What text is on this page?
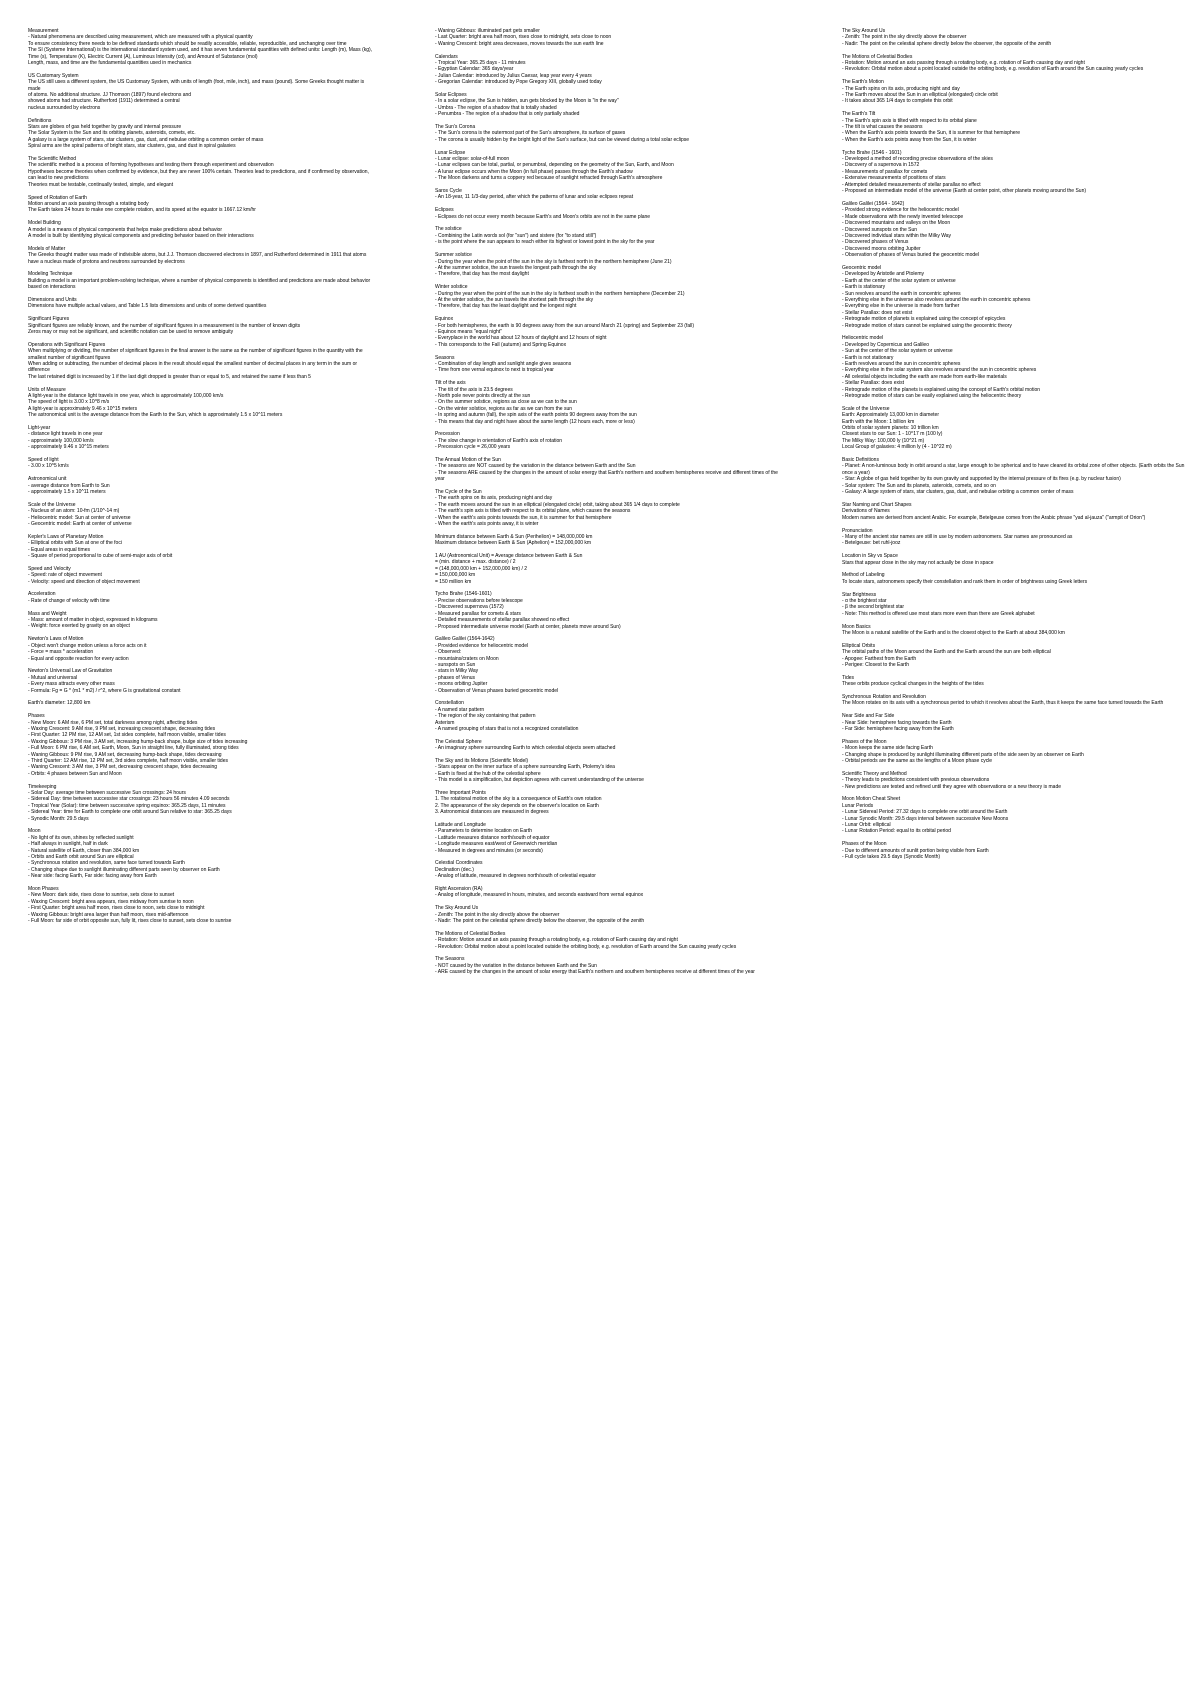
Measurement
- Natural phenomena are described using measurement, which are measured with a physical quantity
To ensure consistency there needs to be defined standards which should be readily accessible, reliable, reproducible, and unchanging over time
The SI (Systeme International) is the international standard system used, and it has seven fundamental quantities with defined units: Length (m), Mass (kg), Time (s), Temperature (K), Electric Current (A), Luminous Intensity (cd), and Amount of Substance (mol)
Length, mass, and time are the fundamental quantities used in mechanics
US Customary System
The US still uses a different system, the US Customary System, with units of length (foot, mile, inch), and mass (pound). Some Greeks thought matter is made
of atoms. No additional structure. JJ Thomson (1897) found electrons and
showed atoms had structure. Rutherford (1911) determined a central
nucleus surrounded by electrons
Definitions
Stars are globes of gas held together by gravity and internal pressure
The Solar System is the Sun and its orbiting planets, asteroids, comets, etc.
A galaxy is a large system of stars, star clusters, gas, dust, and nebulae orbiting a common center of mass
Spiral arms are the spiral patterns of bright stars, star clusters, gas, and dust in spiral galaxies
The Scientific Method
The scientific method is a process of forming hypotheses and testing them through experiment and observation
Hypotheses become theories when confirmed by evidence, but they are never 100% certain. Theories lead to predictions, and if confirmed by observation, can lead to new predictions
Theories must be testable, continually tested, simple, and elegant
Speed of Rotation of Earth
Motion around an axis passing through a rotating body
The Earth takes 24 hours to make one complete rotation, and its speed at the equator is 1667.12 km/hr
Model Building
A model is a means of physical components that helps make predictions about behavior
A model is built by identifying physical components and predicting behavior based on their interactions
Models of Matter
The Greeks thought matter was made of indivisible atoms, but J.J. Thomson discovered electrons in 1897, and Rutherford determined in 1911 that atoms have a nucleus made of protons and neutrons surrounded by electrons
Modeling Technique
Building a model is an important problem-solving technique, where a number of physical components is identified and predictions are made about behavior based on interactions
Dimensions and Units
Dimensions have multiple actual values, and Table 1.5 lists dimensions and units of some derived quantities
Significant Figures
Significant figures are reliably known, and the number of significant figures in a measurement is the number of known digits
Zeros may or may not be significant, and scientific notation can be used to remove ambiguity
Operations with Significant Figures
When multiplying or dividing, the number of significant figures in the final answer is the same as the number of significant figures in the quantity with the smallest number of significant figures
When adding or subtracting, the number of decimal places in the result should equal the smallest number of decimal places in any term in the sum or difference
The last retained digit is increased by 1 if the last digit dropped is greater than or equal to 5, and retained the same if less than 5
Units of Measure
A light-year is the distance light travels in one year, which is approximately 100,000 km/s
The speed of light is 3.00 x 10^8 m/s
A light-year is approximately 9.46 x 10^15 meters
The astronomical unit is the average distance from the Earth to the Sun, which is approximately 1.5 x 10^11 meters
Light-year
- distance light travels in one year
- approximately 100,000 km/s
- approximately 9.46 x 10^15 meters
Speed of light
- 3.00 x 10^5 km/s
Astronomical unit
- average distance from Earth to Sun
- approximately 1.5 x 10^11 meters
Scale of the Universe
- Nucleus of an atom: 10-fm (1/10^-14 m)
- Heliocentric model: Sun at center of universe
- Geocentric model: Earth at center of universe
Kepler's Laws of Planetary Motion
- Elliptical orbits with Sun at one of the foci
- Equal areas in equal times
- Square of period proportional to cube of semi-major axis of orbit
Speed and Velocity
- Speed: rate of object movement
- Velocity: speed and direction of object movement
Acceleration
- Rate of change of velocity with time
Mass and Weight
- Mass: amount of matter in object, expressed in kilograms
- Weight: force exerted by gravity on an object
Newton's Laws of Motion
- Object won't change motion unless a force acts on it
- Force = mass * acceleration
- Equal and opposite reaction for every action
Newton's Universal Law of Gravitation
- Mutual and universal
- Every mass attracts every other mass
- Formula: Fg = G * (m1 * m2) / r^2, where G is gravitational constant
Earth's diameter: 12,800 km
Phases
- New Moon: 6 AM rise, 6 PM set, total darkness among night, affecting tides
- Waxing Crescent: 9 AM rise, 9 PM set, increasing crescent shape, decreasing tides
- First Quarter: 12 PM rise, 12 AM set, 1st sides complete, half moon visible, smaller tides
- Waxing Gibbous: 3 PM rise, 3 AM set, increasing hump-back shape, bulge size of tides increasing
- Full Moon: 6 PM rise, 6 AM set, Earth, Moon, Sun in straight line, fully illuminated, strong tides
- Waning Gibbous: 9 PM rise, 9 AM set, decreasing hump-back shape, tides decreasing
- Third Quarter: 12 AM rise, 12 PM set, 3rd sides complete, half moon visible, smaller tides
- Waning Crescent: 3 AM rise, 3 PM set, decreasing crescent shape, tides decreasing
- Orbits: 4 phases between Sun and Moon
Timekeeping
- Solar Day: average time between successive Sun crossings: 24 hours
- Sidereal Day: time between successive star crossings: 23 hours 56 minutes 4.09 seconds
- Tropical Year (Solar): time between successive spring equinox: 365.25 days, 11 minutes
- Sidereal Year: time for Earth to complete one orbit around Sun relative to star: 365.25 days
- Synodic Month: 29.5 days
Moon
- No light of its own, shines by reflected sunlight
- Half always in sunlight, half in dark
- Natural satellite of Earth, closer than 384,000 km
- Orbits and Earth orbit around Sun are elliptical
- Synchronous rotation and revolution, same face turned towards Earth
- Changing shape due to sunlight illuminating different parts seen by observer on Earth
- Near side: facing Earth, Far side: facing away from Earth
Moon Phases
- New Moon: dark side, rises close to sunrise, sets close to sunset
- Waxing Crescent: bright area appears, rises midway from sunrise to noon
- First Quarter: bright area half moon, rises close to noon, sets close to midnight
- Waxing Gibbous: bright area larger than half moon, rises mid-afternoon
- Full Moon: far side of orbit opposite sun, fully lit, rises close to sunset, sets close to sunrise
- Waning Gibbous: illuminated part gets smaller
- Last Quarter: bright area half moon, rises close to midnight, sets close to noon
- Waning Crescent: bright area decreases, moves towards the sun earth line
Calendars
- Tropical Year: 365.25 days - 11 minutes
- Egyptian Calendar: 365 days/year
- Julian Calendar: introduced by Julius Caesar, leap year every 4 years
- Gregorian Calendar: introduced by Pope Gregory XIII, globally used today
Solar Eclipses
- In a solar eclipse, the Sun is hidden, sun gets blocked by the Moon is "in the way"
- Umbra - The region of a shadow that is totally shaded
- Penumbra - The region of a shadow that is only partially shaded
The Sun's Corona
- The Sun's corona is the outermost part of the Sun's atmosphere, its surface of gases
- The corona is usually hidden by the bright light of the Sun's surface, but can be viewed during a total solar eclipse
Lunar Eclipse
- Lunar eclipse: solar-of-full moon
- Lunar eclipses can be total, partial, or penumbral, depending on the geometry of the Sun, Earth, and Moon
- A lunar eclipse occurs when the Moon (in full phase) passes through the Earth's shadow
- The Moon darkens and turns a coppery red because of sunlight refracted through Earth's atmosphere
Saros Cycle
- An 18-year, 11 1/3-day period, after which the patterns of lunar and solar eclipses repeat
Eclipses
- Eclipses do not occur every month because Earth's and Moon's orbits are not in the same plane
The solstice
- Combining the Latin words sol (for "sun") and sistere (for "to stand still")
- is the point where the sun appears to reach either its highest or lowest point in the sky for the year
Summer solstice
- During the year when the point of the sun in the sky is farthest north in the northern hemisphere (June 21)
- At the summer solstice, the sun travels the longest path through the sky
- Therefore, that day has the most daylight
Winter solstice
- During the year when the point of the sun in the sky is farthest south in the northern hemisphere (December 21)
- At the winter solstice, the sun travels the shortest path through the sky
- Therefore, that day has the least daylight and the longest night
Equinox
- For both hemispheres, the earth is 90 degrees away from the sun around March 21 (spring) and September 23 (fall)
- Equinox means "equal night"
- Everyplace in the world has about 12 hours of daylight and 12 hours of night
- This corresponds to the Fall (autumn) and Spring Equinox
Seasons
- Combination of day length and sunlight angle gives seasons
- Time from one vernal equinox to next is tropical year
Tilt of the axis
- The tilt of the axis is 23.5 degrees
- North pole never points directly at the sun
- On the summer solstice, regions as close as we can to the sun
- On the winter solstice, regions as far as we can from the sun
- In spring and autumn (fall), the spin axis of the earth points 90 degrees away from the sun
- This means that day and night have about the same length (12 hours each, more or less)
Precession
- The slow change in orientation of Earth's axis of rotation
- Precession cycle = 26,000 years
The Annual Motion of the Sun
- The seasons are NOT caused by the variation in the distance between Earth and the Sun
- The seasons ARE caused by the changes in the amount of solar energy that Earth's northern and southern hemispheres receive and different times of the year
The Cycle of the Sun
- The earth spins on its axis, producing night and day
- The earth moves around the sun in an elliptical (elongated circle) orbit, taking about 365 1/4 days to complete
- The earth's spin axis is tilted with respect to its orbital plane, which causes the seasons
- When the earth's axis points towards the sun, it is summer for that hemisphere
- When the earth's axis points away, it is winter
Minimum distance between Earth & Sun (Perihelion) = 148,000,000 km
Maximum distance between Earth & Sun (Aphelion) = 152,000,000 km
1 AU (Astronomical Unit) = Average distance between Earth & Sun
= (min. distance + max. distance) / 2
= (148,000,000 km + 152,000,000 km) / 2
= 150,000,000 km
= 150 million km
Tycho Brahe (1546-1601)
- Precise observations before telescope
- Discovered supernova (1572)
- Measured parallax for comets & stars
- Detailed measurements of stellar parallax showed no effect
- Proposed intermediate universe model (Earth at center, planets move around Sun)
Galileo Galilei (1564-1642)
- Provided evidence for heliocentric model
- Observed:
- mountains/craters on Moon
- sunspots on Sun
- stars in Milky Way
- phases of Venus
- moons orbiting Jupiter
- Observation of Venus phases buried geocentric model
Constellation
- A named star pattern
- The region of the sky containing that pattern
Asterism
- A named grouping of stars that is not a recognized constellation
The Celestial Sphere
- An imaginary sphere surrounding Earth to which celestial objects seem attached
The Sky and its Motions (Scientific Model)
- Stars appear on the inner surface of a sphere surrounding Earth, Ptolemy's idea
- Earth is fixed at the hub of the celestial sphere
- This model is a simplification, but depiction agrees with current understanding of the universe
Three Important Points
1. The rotational motion of the sky is a consequence of Earth's own rotation
2. The appearance of the sky depends on the observer's location on Earth
3. Astronomical distances are measured in degrees
Latitude and Longitude
- Parameters to determine location on Earth
- Latitude measures distance north/south of equator
- Longitude measures east/west of Greenwich meridian
- Measured in degrees and minutes (or seconds)
Celestial Coordinates
Declination (dec.)
- Analog of latitude, measured in degrees north/south of celestial equator
Right Ascension (RA)
- Analog of longitude, measured in hours, minutes, and seconds eastward from vernal equinox
The Sky Around Us
- Zenith: The point in the sky directly above the observer
- Nadir: The point on the celestial sphere directly below the observer, the opposite of the zenith
The Motions of Celestial Bodies
- Rotation: Motion around an axis passing through a rotating body, e.g. rotation of Earth causing day and night
- Revolution: Orbital motion about a point located outside the orbiting body, e.g. revolution of Earth around the Sun causing yearly cycles
The Seasons
- NOT caused by the variation in the distance between Earth and the Sun
- ARE caused by the changes in the amount of solar energy that Earth's northern and southern hemispheres receive at different times of the year
The Sky Around Us
- Zenith: The point in the sky directly above the observer
- Nadir: The point on the celestial sphere directly below the observer, the opposite of the zenith
The Motions of Celestial Bodies
- Rotation: Motion around an axis passing through a rotating body, e.g. rotation of Earth causing day and night
- Revolution: Orbital motion about a point located outside the orbiting body, e.g. revolution of Earth around the Sun causing yearly cycles
The Earth's Motion
- The Earth spins on its axis, producing night and day
- The Earth moves about the Sun in an elliptical (elongated) circle orbit
- It takes about 365 1/4 days to complete this orbit
The Earth's Tilt
- The Earth's spin axis is tilted with respect to its orbital plane
- The tilt is what causes the seasons
- When the Earth's axis points towards the Sun, it is summer for that hemisphere
- When the Earth's axis points away from the Sun, it is winter
Tycho Brahe (1546 - 1601)
- Developed a method of recording precise observations of the skies
- Discovery of a supernova in 1572
- Measurements of parallax for comets
- Extensive measurements of positions of stars
- Attempted detailed measurements of stellar parallax no effect
- Proposed an intermediate model of the universe (Earth at center point, other planets moving around the Sun)
Galileo Galilei (1564 - 1642)
- Provided strong evidence for the heliocentric model
- Made observations with the newly invented telescope
- Discovered mountains and valleys on the Moon
- Discovered sunspots on the Sun
- Discovered individual stars within the Milky Way
- Discovered phases of Venus
- Discovered moons orbiting Jupiter
- Observation of phases of Venus buried the geocentric model
Geocentric model
- Developed by Aristotle and Ptolemy
- Earth at the center of the solar system or universe
- Earth is stationary
- Sun revolves around the earth in concentric spheres
- Everything else in the universe also revolves around the earth in concentric spheres
- Everything else in the universe is made from farther
- Stellar Parallax: does not exist
- Retrograde motion of planets is explained using the concept of epicycles
- Retrograde motion of stars cannot be explained using the geocentric theory
Heliocentric model
- Developed by Copernicus and Galileo
- Sun at the center of the solar system or universe
- Earth is not stationary
- Earth revolves around the sun in concentric spheres
- Everything else in the solar system also revolves around the sun in concentric spheres
- All celestial objects including the earth are made from earth-like materials
- Stellar Parallax: does exist
- Retrograde motion of the planets is explained using the concept of Earth's orbital motion
- Retrograde motion of stars can be easily explained using the heliocentric theory
Scale of the Universe
Earth: Approximately 13,000 km in diameter
Earth with the Moon: 1 billion km
Orbits of solar system planets: 10 trillion km
Closest stars to our Sun: 1 - 10^17 m (100 ly)
The Milky Way: 100,000 ly (10^21 m)
Local Group of galaxies: 4 million ly (4 - 10^22 m)
Basic Definitions
- Planet: A non-luminous body in orbit around a star, large enough to be spherical and to have cleared its orbital zone of other objects. (Earth orbits the Sun once a year)
- Star: A globe of gas held together by its own gravity and supported by the internal pressure of its fires (e.g. by nuclear fusion)
- Solar system: The Sun and its planets, asteroids, comets, and so on
- Galaxy: A large system of stars, star clusters, gas, dust, and nebulae orbiting a common center of mass
Star Naming and Chart Shapes
Derivations of Names
Modern names are derived from ancient Arabic. For example, Betelgeuse comes from the Arabic phrase "yad al-jauza" ("armpit of Orion")
Pronunciation
- Many of the ancient star names are still in use by modern astronomers. Star names are pronounced as
- Betelgeuse: bet ruhl-jooz
Location in Sky vs Space
Stars that appear close in the sky may not actually be close in space
Method of Labeling
To locate stars, astronomers specify their constellation and rank them in order of brightness using Greek letters
Star Brightness
- α the brightest star
- β the second brightest star
- Note: This method is offered use most stars more even than there are Greek alphabet
Moon Basics
The Moon is a natural satellite of the Earth and is the closest object to the Earth at about 384,000 km
Elliptical Orbits
The orbital paths of the Moon around the Earth and the Earth around the sun are both elliptical
- Apogee: Farthest from the Earth
- Perigee: Closest to the Earth
Tides
These orbits produce cyclical changes in the heights of the tides
Synchronous Rotation and Revolution
The Moon rotates on its axis with a synchronous period to which it revolves about the Earth, thus it keeps the same face turned towards the Earth
Near Side and Far Side
- Near Side: hemisphere facing towards the Earth
- Far Side: hemisphere facing away from the Earth
Phases of the Moon
- Moon keeps the same side facing Earth
- Changing shape is produced by sunlight illuminating different parts of the side seen by an observer on Earth
- Orbital periods are the same as the lengths of a Moon phase cycle
Scientific Theory and Method
- Theory leads to predictions consistent with previous observations
- New predictions are tested and refined until they agree with observations or a new theory is made
Moon Motion Cheat Sheet
Lunar Periods
- Lunar Sidereal Period: 27.32 days to complete one orbit around the Earth
- Lunar Synodic Month: 29.5 days interval between successive New Moons
- Lunar Orbit: elliptical
- Lunar Rotation Period: equal to its orbital period
Phases of the Moon
- Due to different amounts of sunlit portion being visible from Earth
- Full cycle takes 29.5 days (Synodic Month)
